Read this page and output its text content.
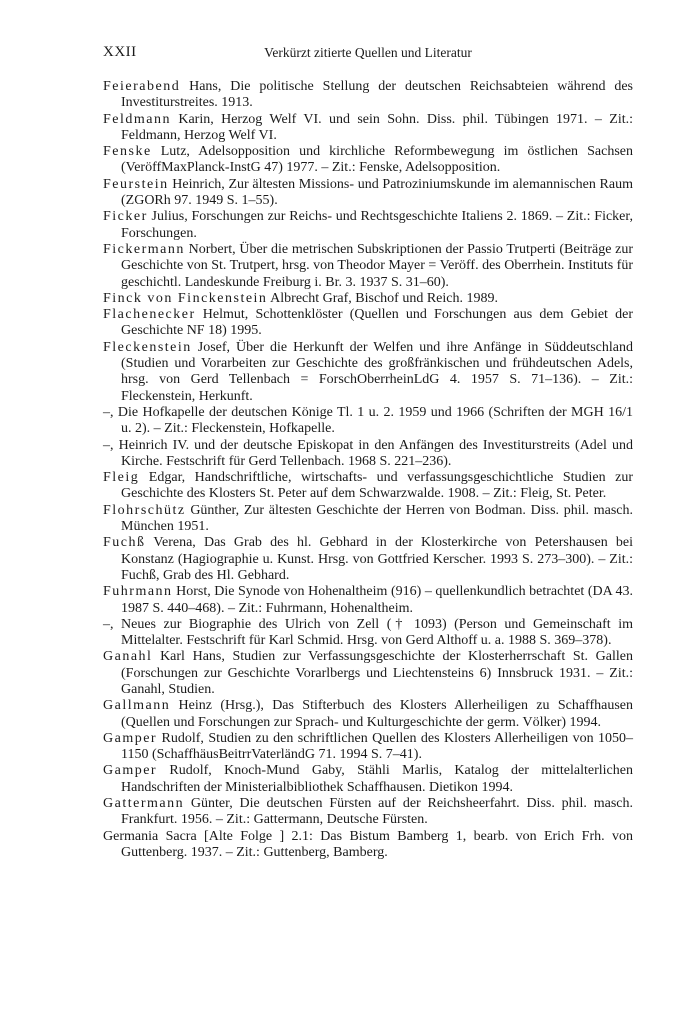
XXII	Verkürzt zitierte Quellen und Literatur

Feierabend Hans, Die politische Stellung der deutschen Reichsabteien während des Investiturstreites. 1913.

Feldmann Karin, Herzog Welf VI. und sein Sohn. Diss. phil. Tübingen 1971. – Zit.: Feldmann, Herzog Welf VI.

Fenske Lutz, Adelsopposition und kirchliche Reformbewegung im östlichen Sachsen (VeröffMaxPlanck-InstG 47) 1977. – Zit.: Fenske, Adelsopposition.

Feurstein Heinrich, Zur ältesten Missions- und Patroziniumskunde im alemannischen Raum (ZGORh 97. 1949 S. 1–55).

Ficker Julius, Forschungen zur Reichs- und Rechtsgeschichte Italiens 2. 1869. – Zit.: Ficker, Forschungen.

Fickermann Norbert, Über die metrischen Subskriptionen der Passio Trutperti (Beiträge zur Geschichte von St. Trutpert, hrsg. von Theodor Mayer = Veröff. des Oberrhein. Instituts für geschichtl. Landeskunde Freiburg i. Br. 3. 1937 S. 31–60).

Finck von Finckenstein Albrecht Graf, Bischof und Reich. 1989.

Flachenecker Helmut, Schottenklöster (Quellen und Forschungen aus dem Gebiet der Geschichte NF 18) 1995.

Fleckenstein Josef, Über die Herkunft der Welfen und ihre Anfänge in Süddeutschland (Studien und Vorarbeiten zur Geschichte des großfränkischen und frühdeutschen Adels, hrsg. von Gerd Tellenbach = ForschOberrheinLdG 4. 1957 S. 71–136). – Zit.: Fleckenstein, Herkunft.

–, Die Hofkapelle der deutschen Könige Tl. 1 u. 2. 1959 und 1966 (Schriften der MGH 16/1 u. 2). – Zit.: Fleckenstein, Hofkapelle.

–, Heinrich IV. und der deutsche Episkopat in den Anfängen des Investiturstreits (Adel und Kirche. Festschrift für Gerd Tellenbach. 1968 S. 221–236).

Fleig Edgar, Handschriftliche, wirtschafts- und verfassungsgeschichtliche Studien zur Geschichte des Klosters St. Peter auf dem Schwarzwalde. 1908. – Zit.: Fleig, St. Peter.

Flohrschütz Günther, Zur ältesten Geschichte der Herren von Bodman. Diss. phil. masch. München 1951.

Fuchß Verena, Das Grab des hl. Gebhard in der Klosterkirche von Petershausen bei Konstanz (Hagiographie u. Kunst. Hrsg. von Gottfried Kerscher. 1993 S. 273–300). – Zit.: Fuchß, Grab des Hl. Gebhard.

Fuhrmann Horst, Die Synode von Hohenaltheim (916) – quellenkundlich betrachtet (DA 43. 1987 S. 440–468). – Zit.: Fuhrmann, Hohenaltheim.

–, Neues zur Biographie des Ulrich von Zell († 1093) (Person und Gemeinschaft im Mittelalter. Festschrift für Karl Schmid. Hrsg. von Gerd Althoff u. a. 1988 S. 369–378).

Ganahl Karl Hans, Studien zur Verfassungsgeschichte der Klosterherrschaft St. Gallen (Forschungen zur Geschichte Vorarlbergs und Liechtensteins 6) Innsbruck 1931. – Zit.: Ganahl, Studien.

Gallmann Heinz (Hrsg.), Das Stifterbuch des Klosters Allerheiligen zu Schaffhausen (Quellen und Forschungen zur Sprach- und Kulturgeschichte der germ. Völker) 1994.

Gamper Rudolf, Studien zu den schriftlichen Quellen des Klosters Allerheiligen von 1050–1150 (SchaffhäusBeitrrVaterländG 71. 1994 S. 7–41).

Gamper Rudolf, Knoch-Mund Gaby, Stähli Marlis, Katalog der mittelalterlichen Handschriften der Ministerialbibliothek Schaffhausen. Dietikon 1994.

Gattermann Günter, Die deutschen Fürsten auf der Reichsheerfahrt. Diss. phil. masch. Frankfurt. 1956. – Zit.: Gattermann, Deutsche Fürsten.

Germania Sacra [Alte Folge ] 2.1: Das Bistum Bamberg 1, bearb. von Erich Frh. von Guttenberg. 1937. – Zit.: Guttenberg, Bamberg.
